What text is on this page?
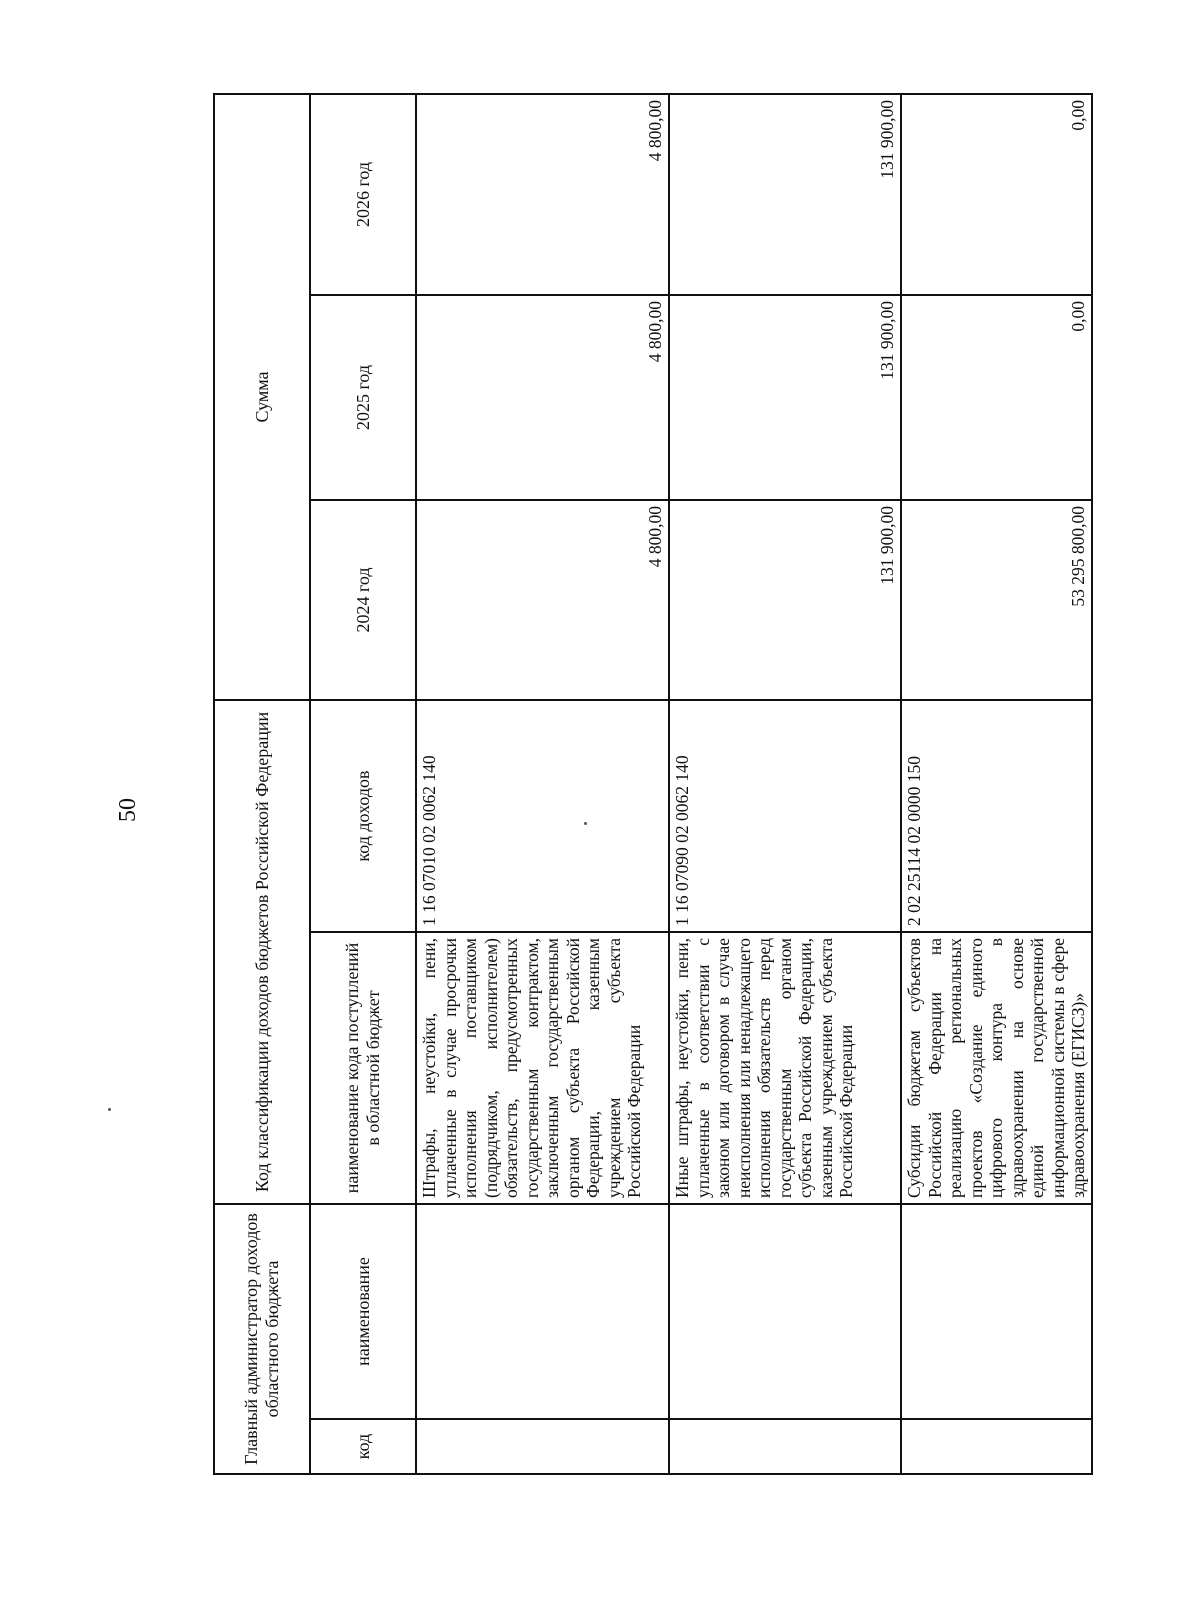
50
Главный администратор доходов областного бюджета		Код классификации доходов бюджетов Российской Федерации		Сумма		
код	наименование	наименование кода поступлений в областной бюджет	код доходов	2024 год	2025 год	2026 год
		Штрафы, неустойки, пени, уплаченные в случае просрочки исполнения поставщиком (подрядчиком, исполнителем) обязательств, предусмотренных государственным контрактом, заключенным государственным органом субъекта Российской Федерации, казенным учреждением субъекта Российской Федерации	1 16 07010 02 0062 140	4 800,00	4 800,00	4 800,00
		Иные штрафы, неустойки, пени, уплаченные в соответствии с законом или договором в случае неисполнения или ненадлежащего исполнения обязательств перед государственным органом субъекта Российской Федерации, казенным учреждением субъекта Российской Федерации	1 16 07090 02 0062 140	131 900,00	131 900,00	131 900,00
		Субсидии бюджетам субъектов Российской Федерации на реализацию региональных проектов «Создание единого цифрового контура в здравоохранении на основе единой государственной информационной системы в сфере здравоохранения (ЕГИСЗ)»	2 02 25114 02 0000 150	53 295 800,00	0,00	0,00
